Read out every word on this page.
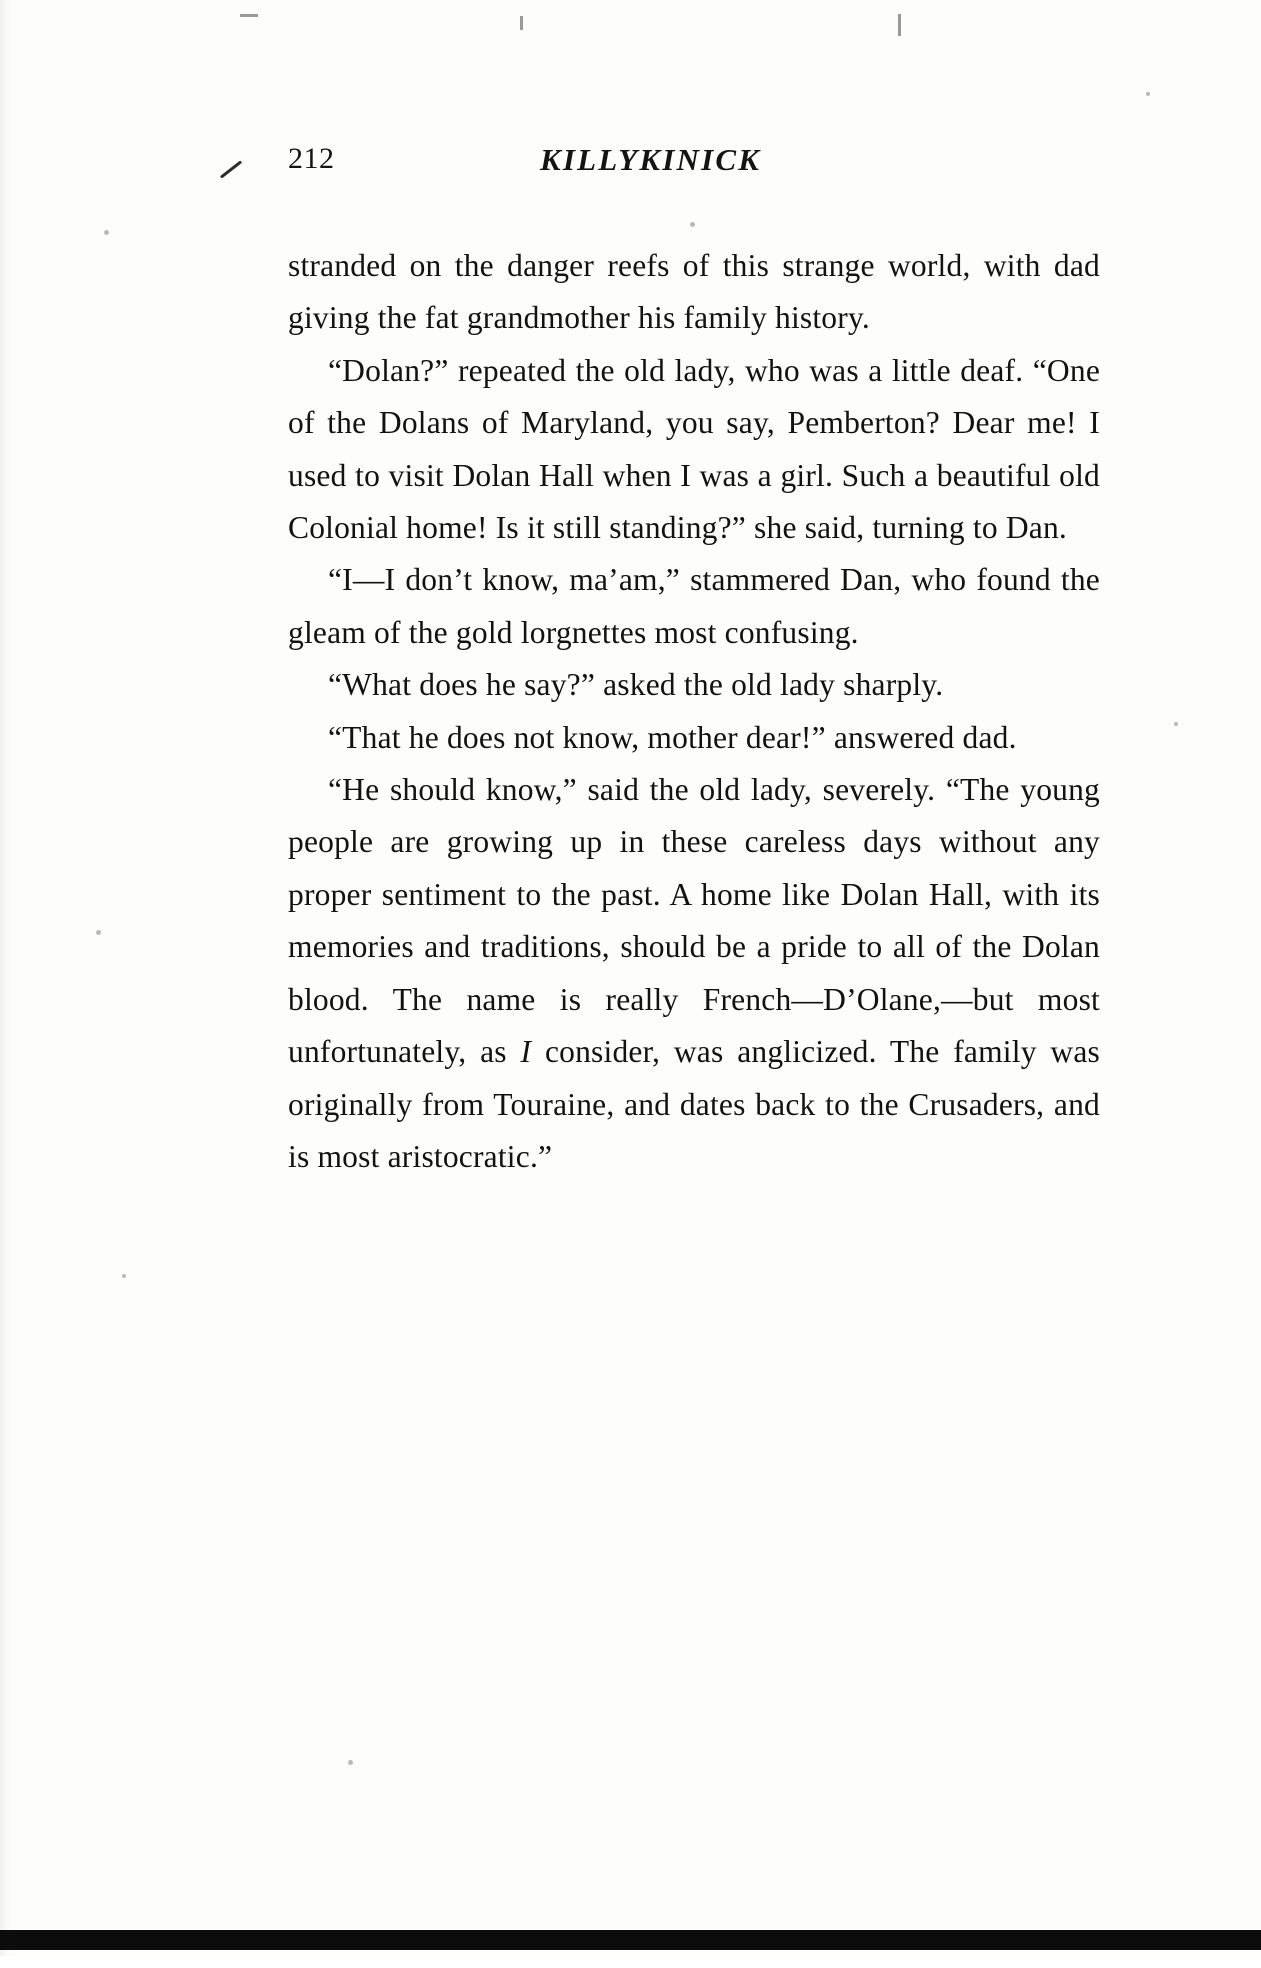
212	KILLYKINICK

stranded on the danger reefs of this strange world, with dad giving the fat grandmother his family history.

“Dolan?” repeated the old lady, who was a little deaf. “One of the Dolans of Maryland, you say, Pemberton? Dear me! I used to visit Dolan Hall when I was a girl. Such a beautiful old Colonial home! Is it still standing?” she said, turning to Dan.

“I—I don’t know, ma’am,” stammered Dan, who found the gleam of the gold lorgnettes most confusing.

“What does he say?” asked the old lady sharply.

“That he does not know, mother dear!” answered dad.

“He should know,” said the old lady, severely. “The young people are growing up in these careless days without any proper sentiment to the past. A home like Dolan Hall, with its memories and traditions, should be a pride to all of the Dolan blood. The name is really French—D’Olane,—but most unfortunately, as I consider, was anglicized. The family was originally from Touraine, and dates back to the Crusaders, and is most aristocratic.”
